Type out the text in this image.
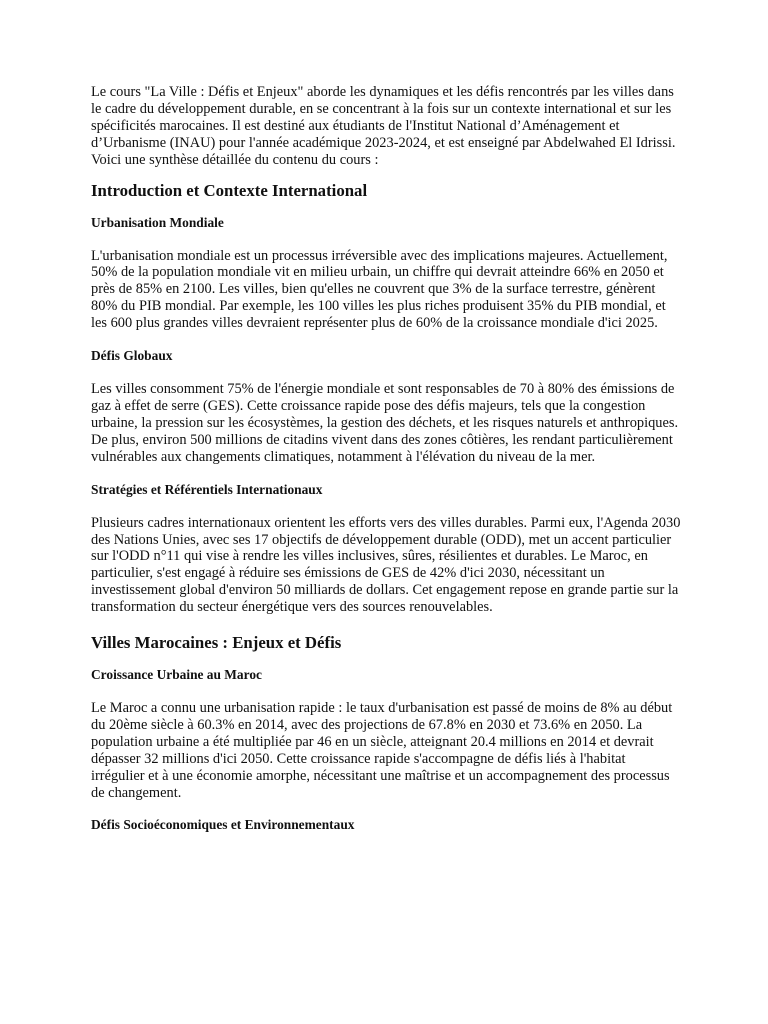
Le cours "La Ville : Défis et Enjeux" aborde les dynamiques et les défis rencontrés par les villes dans le cadre du développement durable, en se concentrant à la fois sur un contexte international et sur les spécificités marocaines. Il est destiné aux étudiants de l'Institut National d’Aménagement et d’Urbanisme (INAU) pour l'année académique 2023-2024, et est enseigné par Abdelwahed El Idrissi. Voici une synthèse détaillée du contenu du cours :

Introduction et Contexte International
Urbanisation Mondiale

L'urbanisation mondiale est un processus irréversible avec des implications majeures. Actuellement, 50% de la population mondiale vit en milieu urbain, un chiffre qui devrait atteindre 66% en 2050 et près de 85% en 2100. Les villes, bien qu'elles ne couvrent que 3% de la surface terrestre, génèrent 80% du PIB mondial. Par exemple, les 100 villes les plus riches produisent 35% du PIB mondial, et les 600 plus grandes villes devraient représenter plus de 60% de la croissance mondiale d'ici 2025.

Défis Globaux

Les villes consomment 75% de l'énergie mondiale et sont responsables de 70 à 80% des émissions de gaz à effet de serre (GES). Cette croissance rapide pose des défis majeurs, tels que la congestion urbaine, la pression sur les écosystèmes, la gestion des déchets, et les risques naturels et anthropiques. De plus, environ 500 millions de citadins vivent dans des zones côtières, les rendant particulièrement vulnérables aux changements climatiques, notamment à l'élévation du niveau de la mer.

Stratégies et Référentiels Internationaux

Plusieurs cadres internationaux orientent les efforts vers des villes durables. Parmi eux, l'Agenda 2030 des Nations Unies, avec ses 17 objectifs de développement durable (ODD), met un accent particulier sur l'ODD n°11 qui vise à rendre les villes inclusives, sûres, résilientes et durables. Le Maroc, en particulier, s'est engagé à réduire ses émissions de GES de 42% d'ici 2030, nécessitant un investissement global d'environ 50 milliards de dollars. Cet engagement repose en grande partie sur la transformation du secteur énergétique vers des sources renouvelables.

Villes Marocaines : Enjeux et Défis
Croissance Urbaine au Maroc

Le Maroc a connu une urbanisation rapide : le taux d'urbanisation est passé de moins de 8% au début du 20ème siècle à 60.3% en 2014, avec des projections de 67.8% en 2030 et 73.6% en 2050. La population urbaine a été multipliée par 46 en un siècle, atteignant 20.4 millions en 2014 et devrait dépasser 32 millions d'ici 2050. Cette croissance rapide s'accompagne de défis liés à l'habitat irrégulier et à une économie amorphe, nécessitant une maîtrise et un accompagnement des processus de changement.

Défis Socioéconomiques et Environnementaux
